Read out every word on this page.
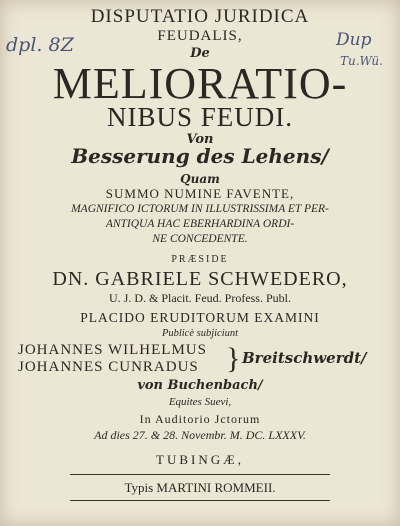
dpl. 8Z	Dup
Tu.Wü.
DISPUTATIO JURIDICA
FEUDALIS,
De
MELIORATIO-
NIBUS FEUDI.
Von
Besserung des Lehens/
Quam
SUMMO NUMINE FAVENTE,
MAGNIFICO ICTORUM IN ILLUSTRISSIMA ET PER-
ANTIQUA HAC EBERHARDINA ORDI-
NE CONCEDENTE.
PRÆSIDE
DN. GABRIELE SCHWEDERO,
U. J. D. & Placit. Feud. Profess. Publ.
PLACIDO ERUDITORUM EXAMINI
Publicè subjiciunt
JOHANNES WILHELMUS
JOHANNES CUNRADUS } Breitschwerdt/
von Buchenbach/
Equites Suevi,
In Auditorio Jctorum
Ad dies 27. & 28. Novembr. M. DC. LXXXV.
TUBINGÆ,
Typis MARTINI ROMMEII.
